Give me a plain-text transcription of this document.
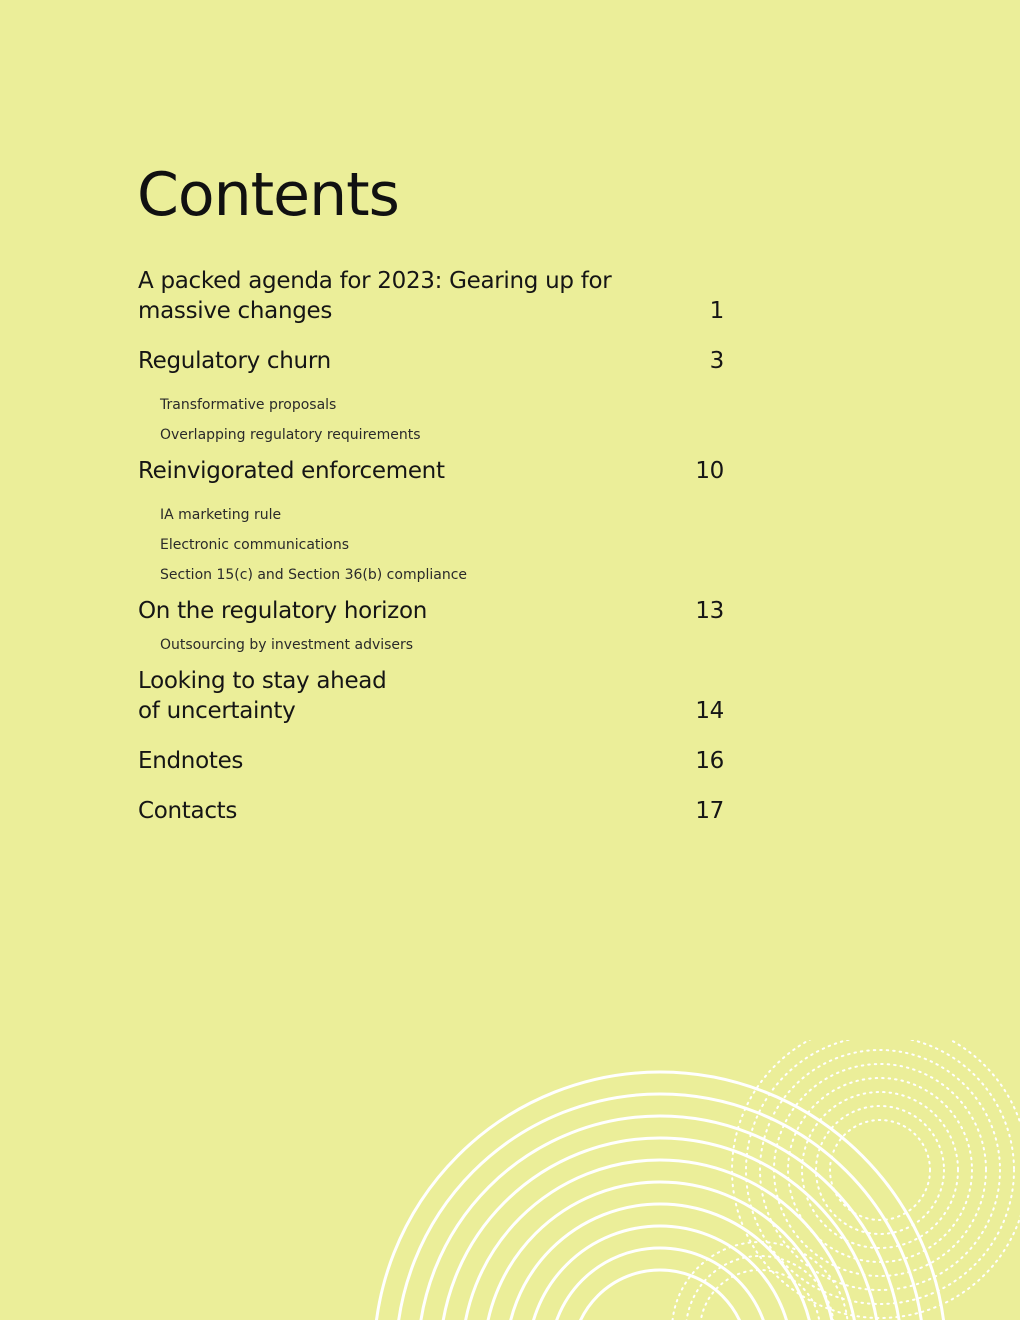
Contents
A packed agenda for 2023: Gearing up for
massive changes	1
Regulatory churn	3
Transformative proposals
Overlapping regulatory requirements
Reinvigorated enforcement	10
IA marketing rule
Electronic communications
Section 15(c) and Section 36(b) compliance
On the regulatory horizon	13
Outsourcing by investment advisers
Looking to stay ahead
of uncertainty	14
Endnotes	16
Contacts	17
